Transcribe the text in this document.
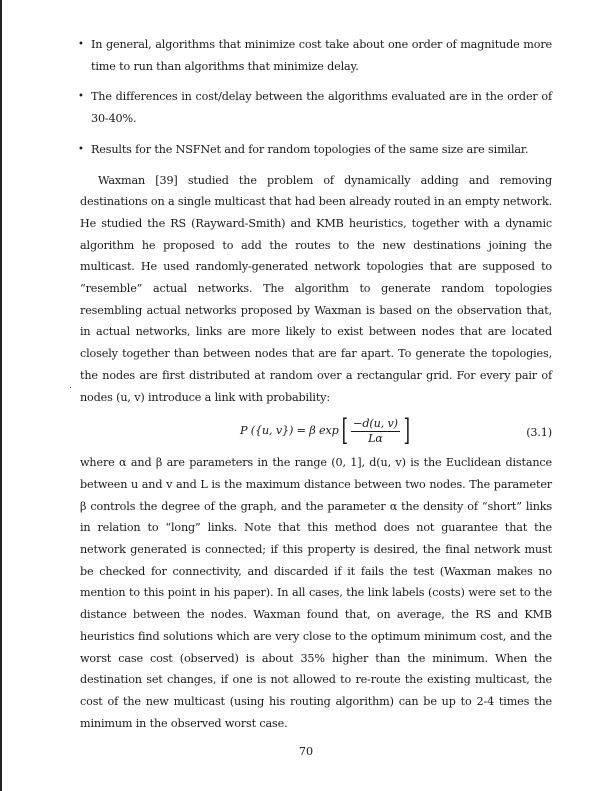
• In general, algorithms that minimize cost take about one order of magnitude more time to run than algorithms that minimize delay.
• The differences in cost/delay between the algorithms evaluated are in the order of 30-40%.
• Results for the NSFNet and for random topologies of the same size are similar.

Waxman [39] studied the problem of dynamically adding and removing destinations on a single multicast that had been already routed in an empty network. He studied the RS (Rayward-Smith) and KMB heuristics, together with a dynamic algorithm he proposed to add the routes to the new destinations joining the multicast. He used randomly-generated network topologies that are supposed to “resemble” actual networks. The algorithm to generate random topologies resembling actual networks proposed by Waxman is based on the observation that, in actual networks, links are more likely to exist between nodes that are located closely together than between nodes that are far apart. To generate the topologies, the nodes are first distributed at random over a rectangular grid. For every pair of nodes (u, v) introduce a link with probability:

P ({u, v}) = β exp [ $\frac{-d(u, v)}{L\alpha}$ ]	(3.1)

where α and β are parameters in the range (0, 1], d(u, v) is the Euclidean distance between u and v and L is the maximum distance between two nodes. The parameter β controls the degree of the graph, and the parameter α the density of “short” links in relation to “long” links. Note that this method does not guarantee that the network generated is connected; if this property is desired, the final network must be checked for connectivity, and discarded if it fails the test (Waxman makes no mention to this point in his paper). In all cases, the link labels (costs) were set to the distance between the nodes. Waxman found that, on average, the RS and KMB heuristics find solutions which are very close to the optimum minimum cost, and the worst case cost (observed) is about 35% higher than the minimum. When the destination set changes, if one is not allowed to re-route the existing multicast, the cost of the new multicast (using his routing algorithm) can be up to 2-4 times the minimum in the observed worst case.

70
